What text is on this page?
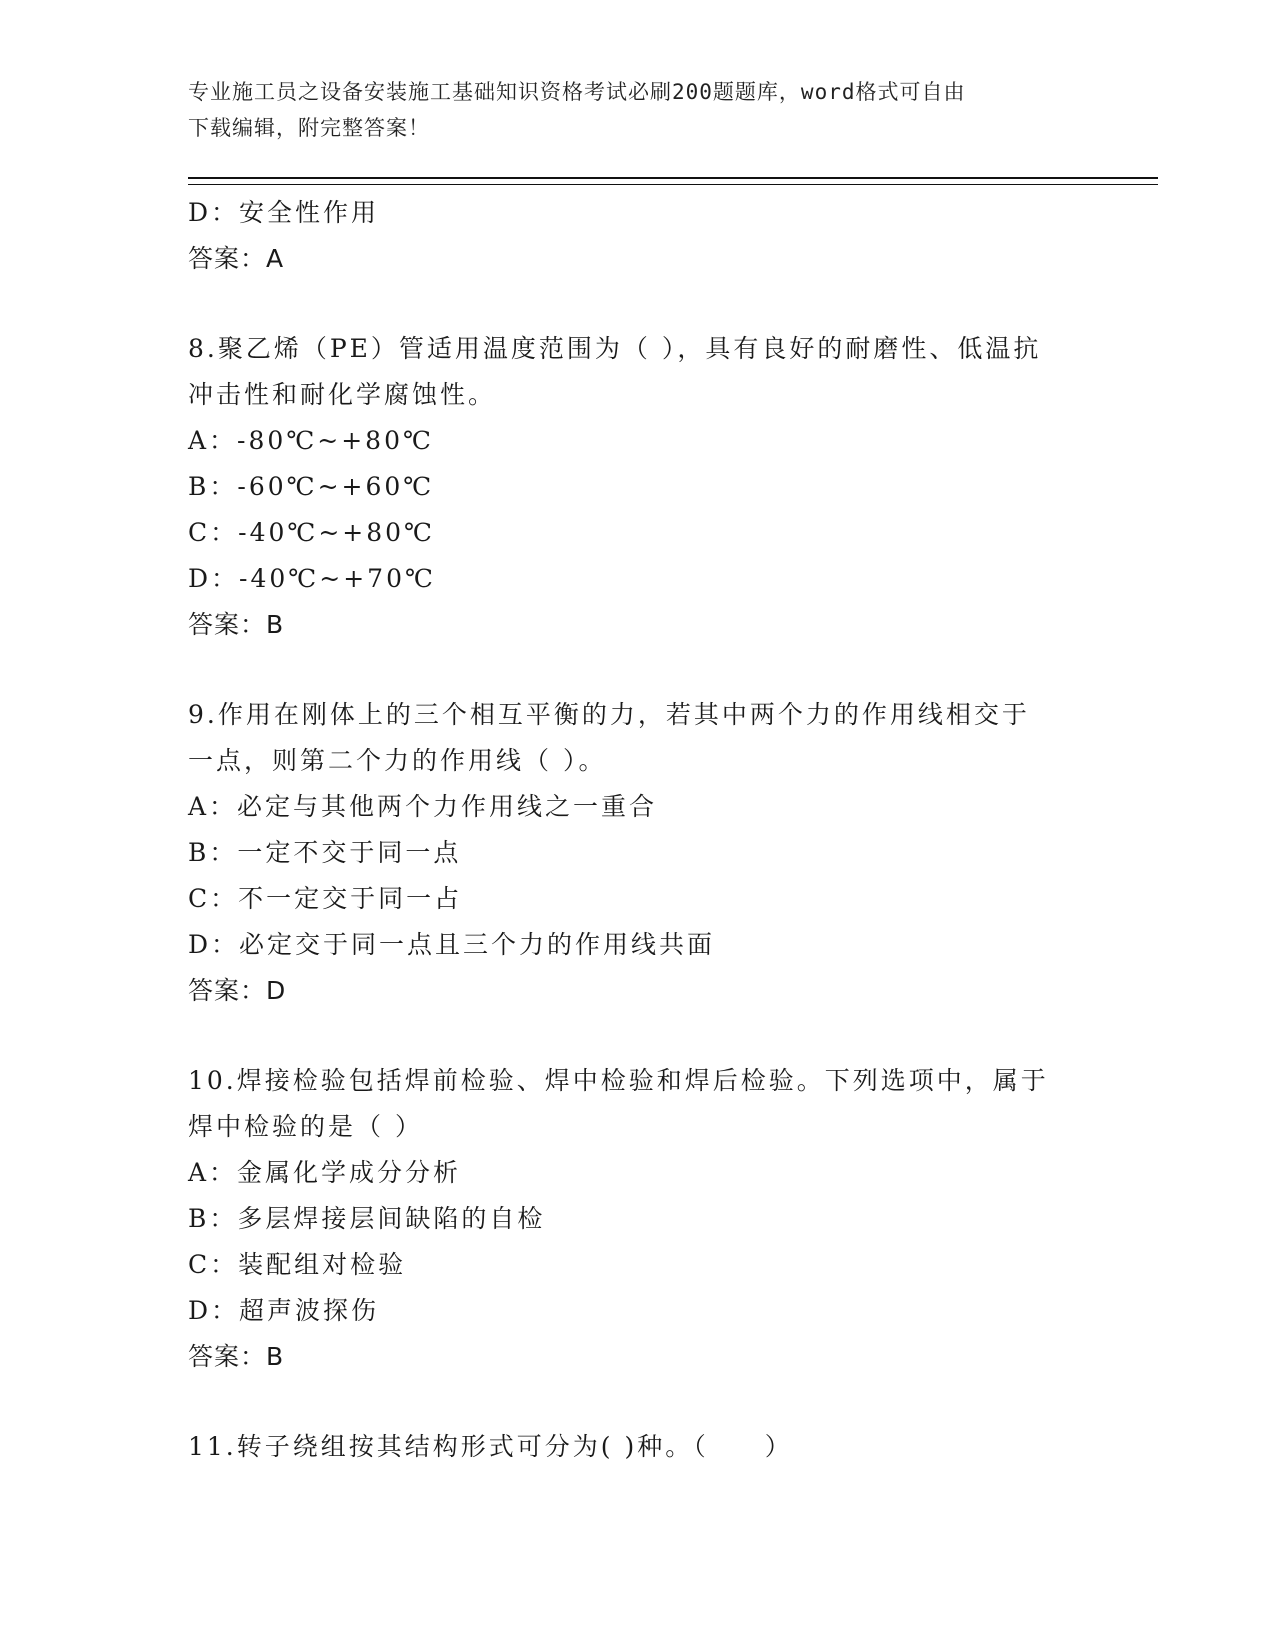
专业施工员之设备安装施工基础知识资格考试必刷200题题库，word格式可自由
下载编辑，附完整答案！
D：安全性作用
答案：A
8.聚乙烯（PE）管适用温度范围为（ ），具有良好的耐磨性、低温抗
冲击性和耐化学腐蚀性。
A：-80℃~+80℃
B：-60℃~+60℃
C：-40℃~+80℃
D：-40℃~+70℃
答案：B
9.作用在刚体上的三个相互平衡的力，若其中两个力的作用线相交于
一点，则第二个力的作用线（ ）。
A：必定与其他两个力作用线之一重合
B：一定不交于同一点
C：不一定交于同一占
D：必定交于同一点且三个力的作用线共面
答案：D
10.焊接检验包括焊前检验、焊中检验和焊后检验。下列选项中，属于
焊中检验的是（ ）
A：金属化学成分分析
B：多层焊接层间缺陷的自检
C：装配组对检验
D：超声波探伤
答案：B
11.转子绕组按其结构形式可分为( )种。（　　）
